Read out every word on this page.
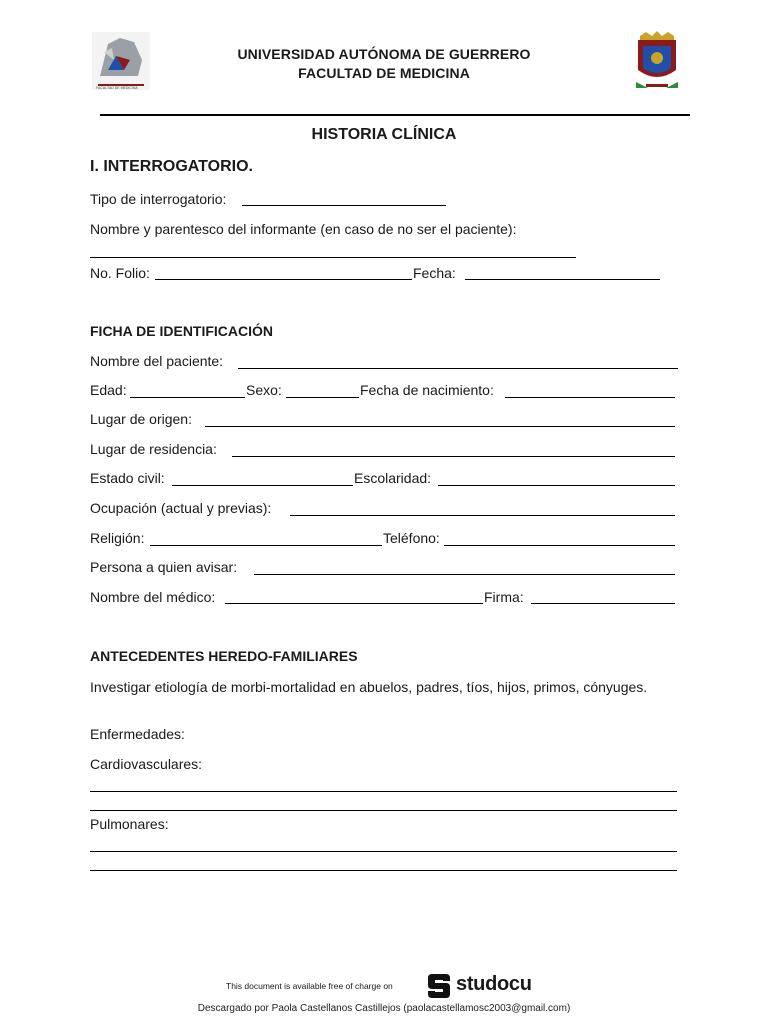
FACULTAD DE MEDICINA
UNIVERSIDAD AUTÓNOMA DE GUERRERO
FACULTAD DE MEDICINA
HISTORIA CLÍNICA
I. INTERROGATORIO.
Tipo de interrogatorio:
Nombre y parentesco del informante (en caso de no ser el paciente):
No. Folio:	Fecha:
FICHA DE IDENTIFICACIÓN
Nombre del paciente:
Edad:	Sexo:	Fecha de nacimiento:
Lugar de origen:
Lugar de residencia:
Estado civil:	Escolaridad:
Ocupación (actual y previas):
Religión:	Teléfono:
Persona a quien avisar:
Nombre del médico:	Firma:
ANTECEDENTES HEREDO-FAMILIARES
Investigar etiología de morbi-mortalidad en abuelos, padres, tíos, hijos, primos, cónyuges.
Enfermedades:
Cardiovasculares:
Pulmonares:
This document is available free of charge on	studocu
Descargado por Paola Castellanos Castillejos (paolacastellamosc2003@gmail.com)
